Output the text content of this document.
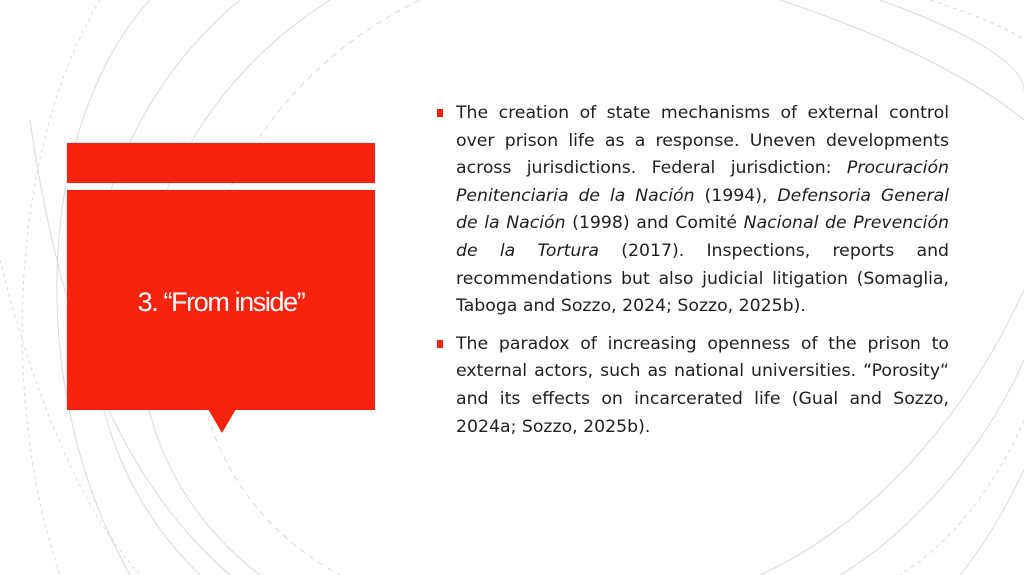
3. “From inside”
The creation of state mechanisms of external control over prison life as a response. Uneven developments across jurisdictions. Federal jurisdiction: Procuración Penitenciaria de la Nación (1994), Defensoria General de la Nación (1998) and Comité Nacional de Prevención de la Tortura (2017). Inspections, reports and recommendations but also judicial litigation (Somaglia, Taboga and Sozzo, 2024; Sozzo, 2025b).
The paradox of increasing openness of the prison to external actors, such as national universities. “Porosity“ and its effects on incarcerated life (Gual and Sozzo, 2024a; Sozzo, 2025b).
